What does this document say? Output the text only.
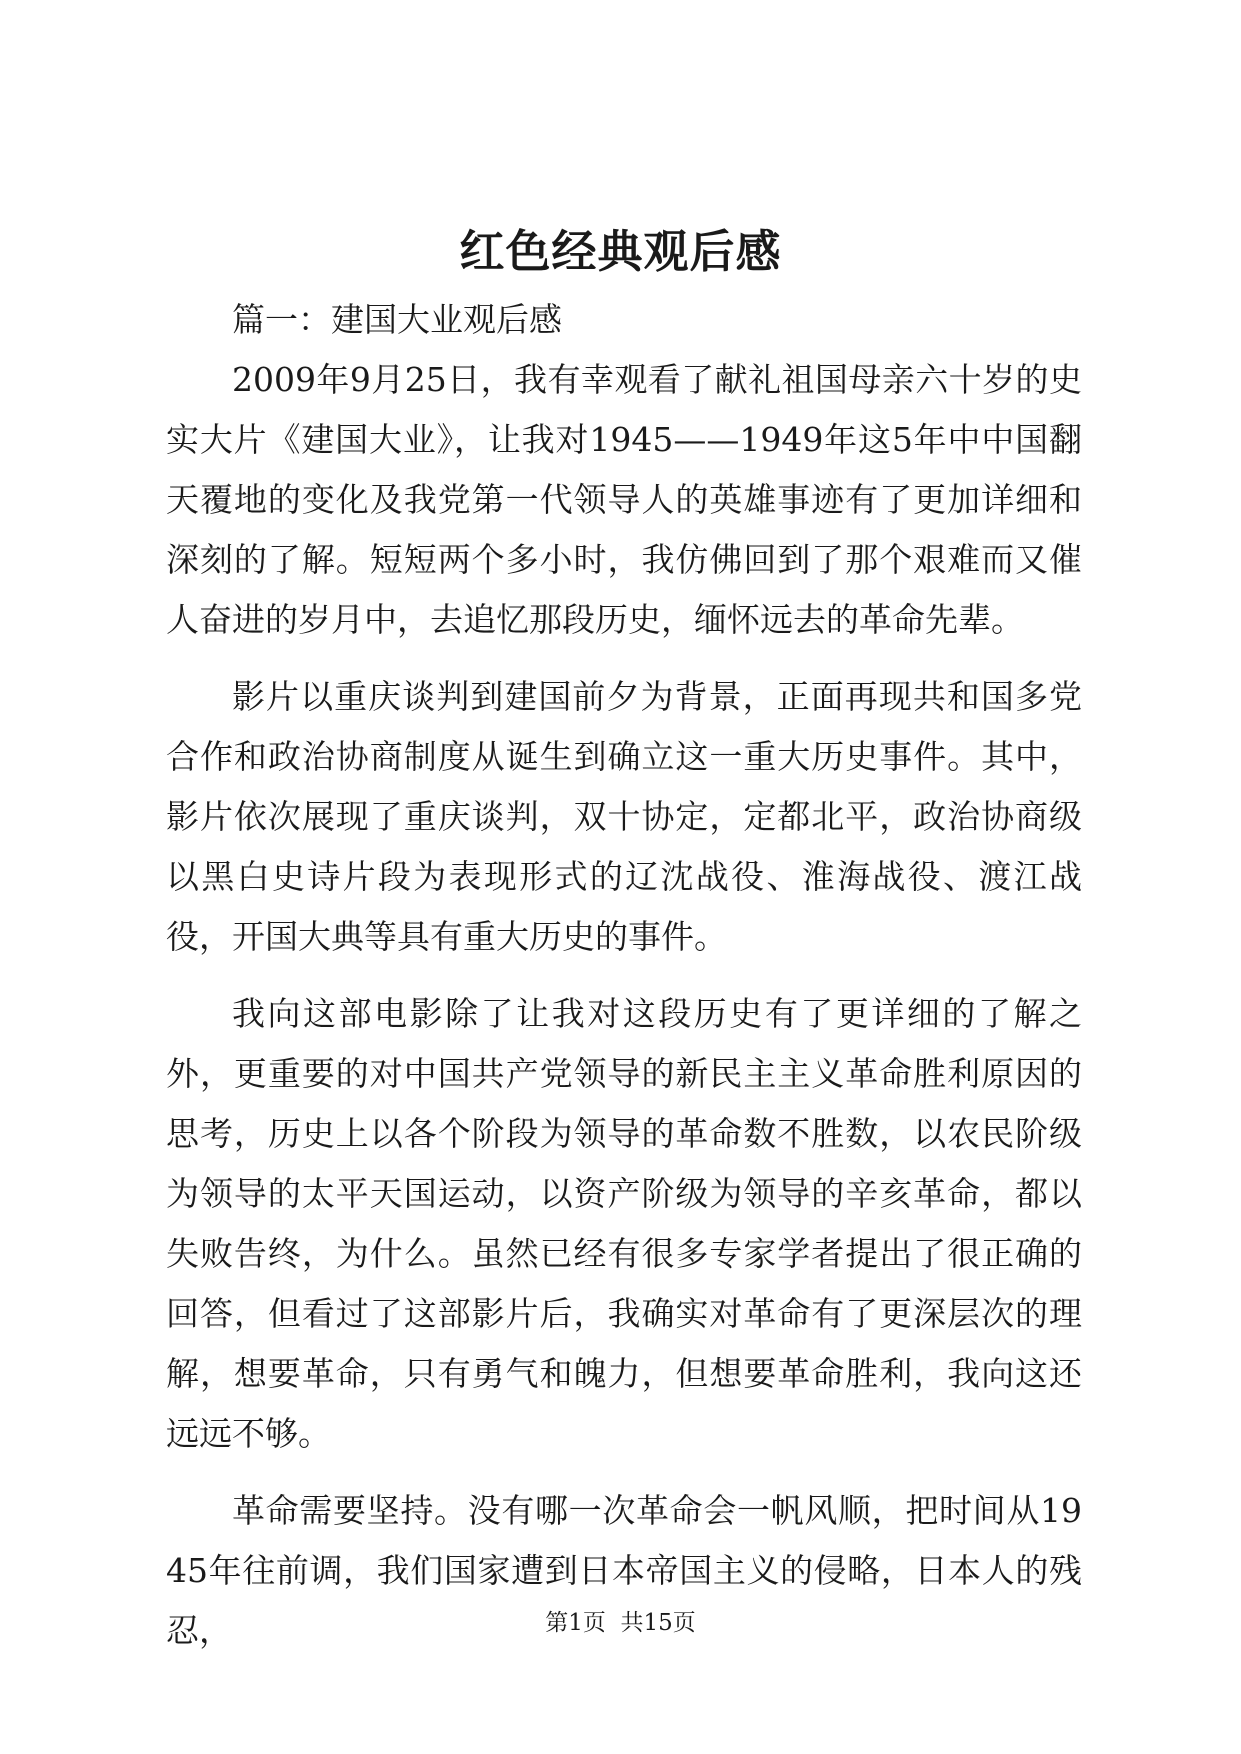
红色经典观后感

篇一：建国大业观后感

2009年9月25日，我有幸观看了献礼祖国母亲六十岁的史实大片《建国大业》，让我对1945——1949年这5年中中国翻天覆地的变化及我党第一代领导人的英雄事迹有了更加详细和深刻的了解。短短两个多小时，我仿佛回到了那个艰难而又催人奋进的岁月中，去追忆那段历史，缅怀远去的革命先辈。

影片以重庆谈判到建国前夕为背景，正面再现共和国多党合作和政治协商制度从诞生到确立这一重大历史事件。其中，影片依次展现了重庆谈判，双十协定，定都北平，政治协商级以黑白史诗片段为表现形式的辽沈战役、淮海战役、渡江战役，开国大典等具有重大历史的事件。

我向这部电影除了让我对这段历史有了更详细的了解之外，更重要的对中国共产党领导的新民主主义革命胜利原因的思考，历史上以各个阶段为领导的革命数不胜数，以农民阶级为领导的太平天国运动，以资产阶级为领导的辛亥革命，都以失败告终，为什么。虽然已经有很多专家学者提出了很正确的回答，但看过了这部影片后，我确实对革命有了更深层次的理解，想要革命，只有勇气和魄力，但想要革命胜利，我向这还远远不够。

革命需要坚持。没有哪一次革命会一帆风顺，把时间从1945年往前调，我们国家遭到日本帝国主义的侵略，日本人的残忍，	第1页 共15页
